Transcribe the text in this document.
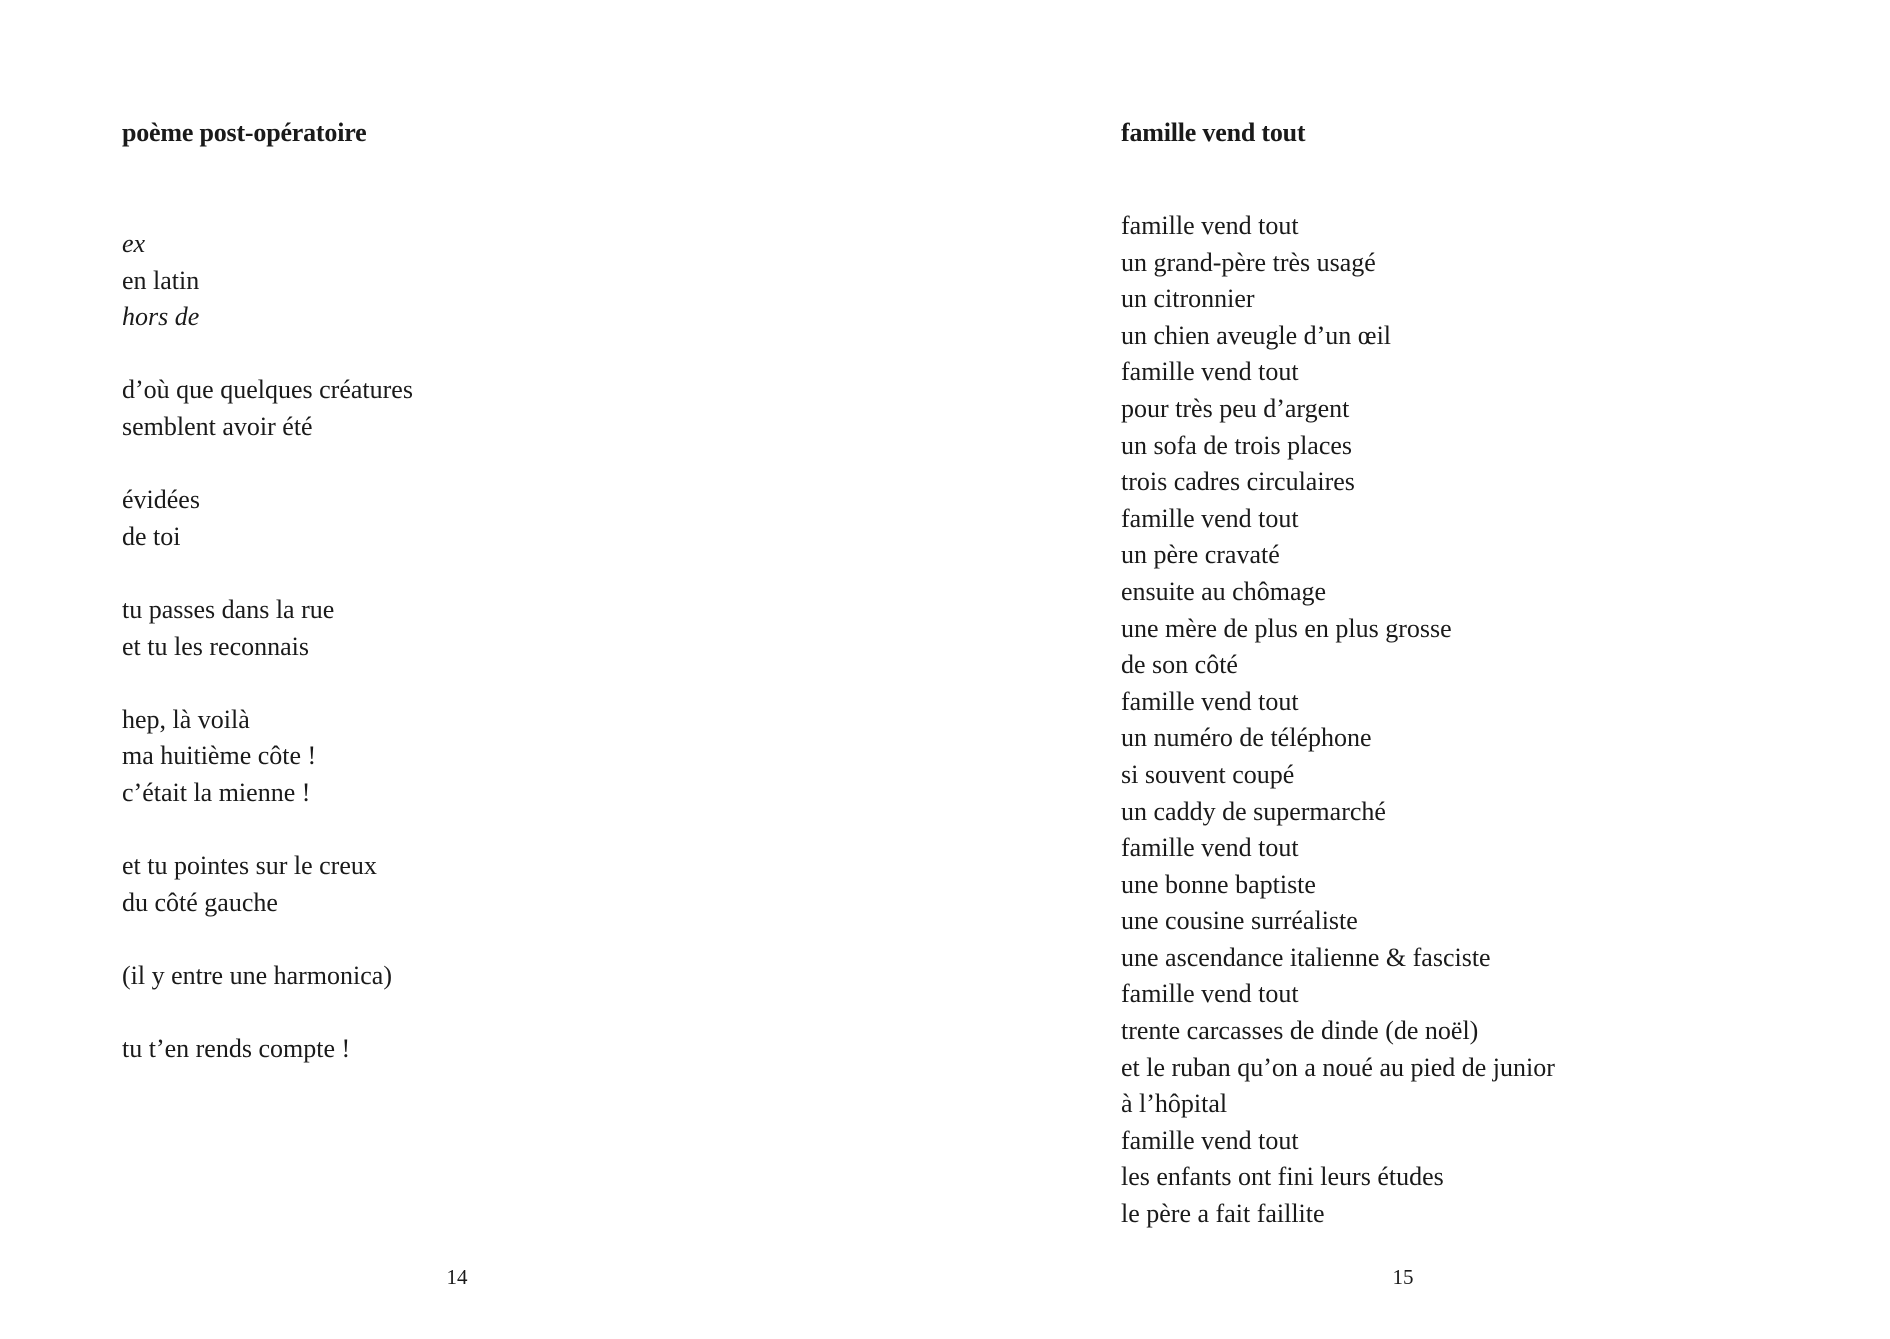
poème post-opératoire
ex
en latin
hors de
d’où que quelques créatures
semblent avoir été
évidées
de toi
tu passes dans la rue
et tu les reconnais
hep, là voilà
ma huitième côte !
c’était la mienne !
et tu pointes sur le creux
du côté gauche
(il y entre une harmonica)
tu t’en rends compte !
14
famille vend tout
famille vend tout
un grand-père très usagé
un citronnier
un chien aveugle d’un œil
famille vend tout
pour très peu d’argent
un sofa de trois places
trois cadres circulaires
famille vend tout
un père cravaté
ensuite au chômage
une mère de plus en plus grosse
de son côté
famille vend tout
un numéro de téléphone
si souvent coupé
un caddy de supermarché
famille vend tout
une bonne baptiste
une cousine surréaliste
une ascendance italienne & fasciste
famille vend tout
trente carcasses de dinde (de noël)
et le ruban qu’on a noué au pied de junior
à l’hôpital
famille vend tout
les enfants ont fini leurs études
le père a fait faillite
15
